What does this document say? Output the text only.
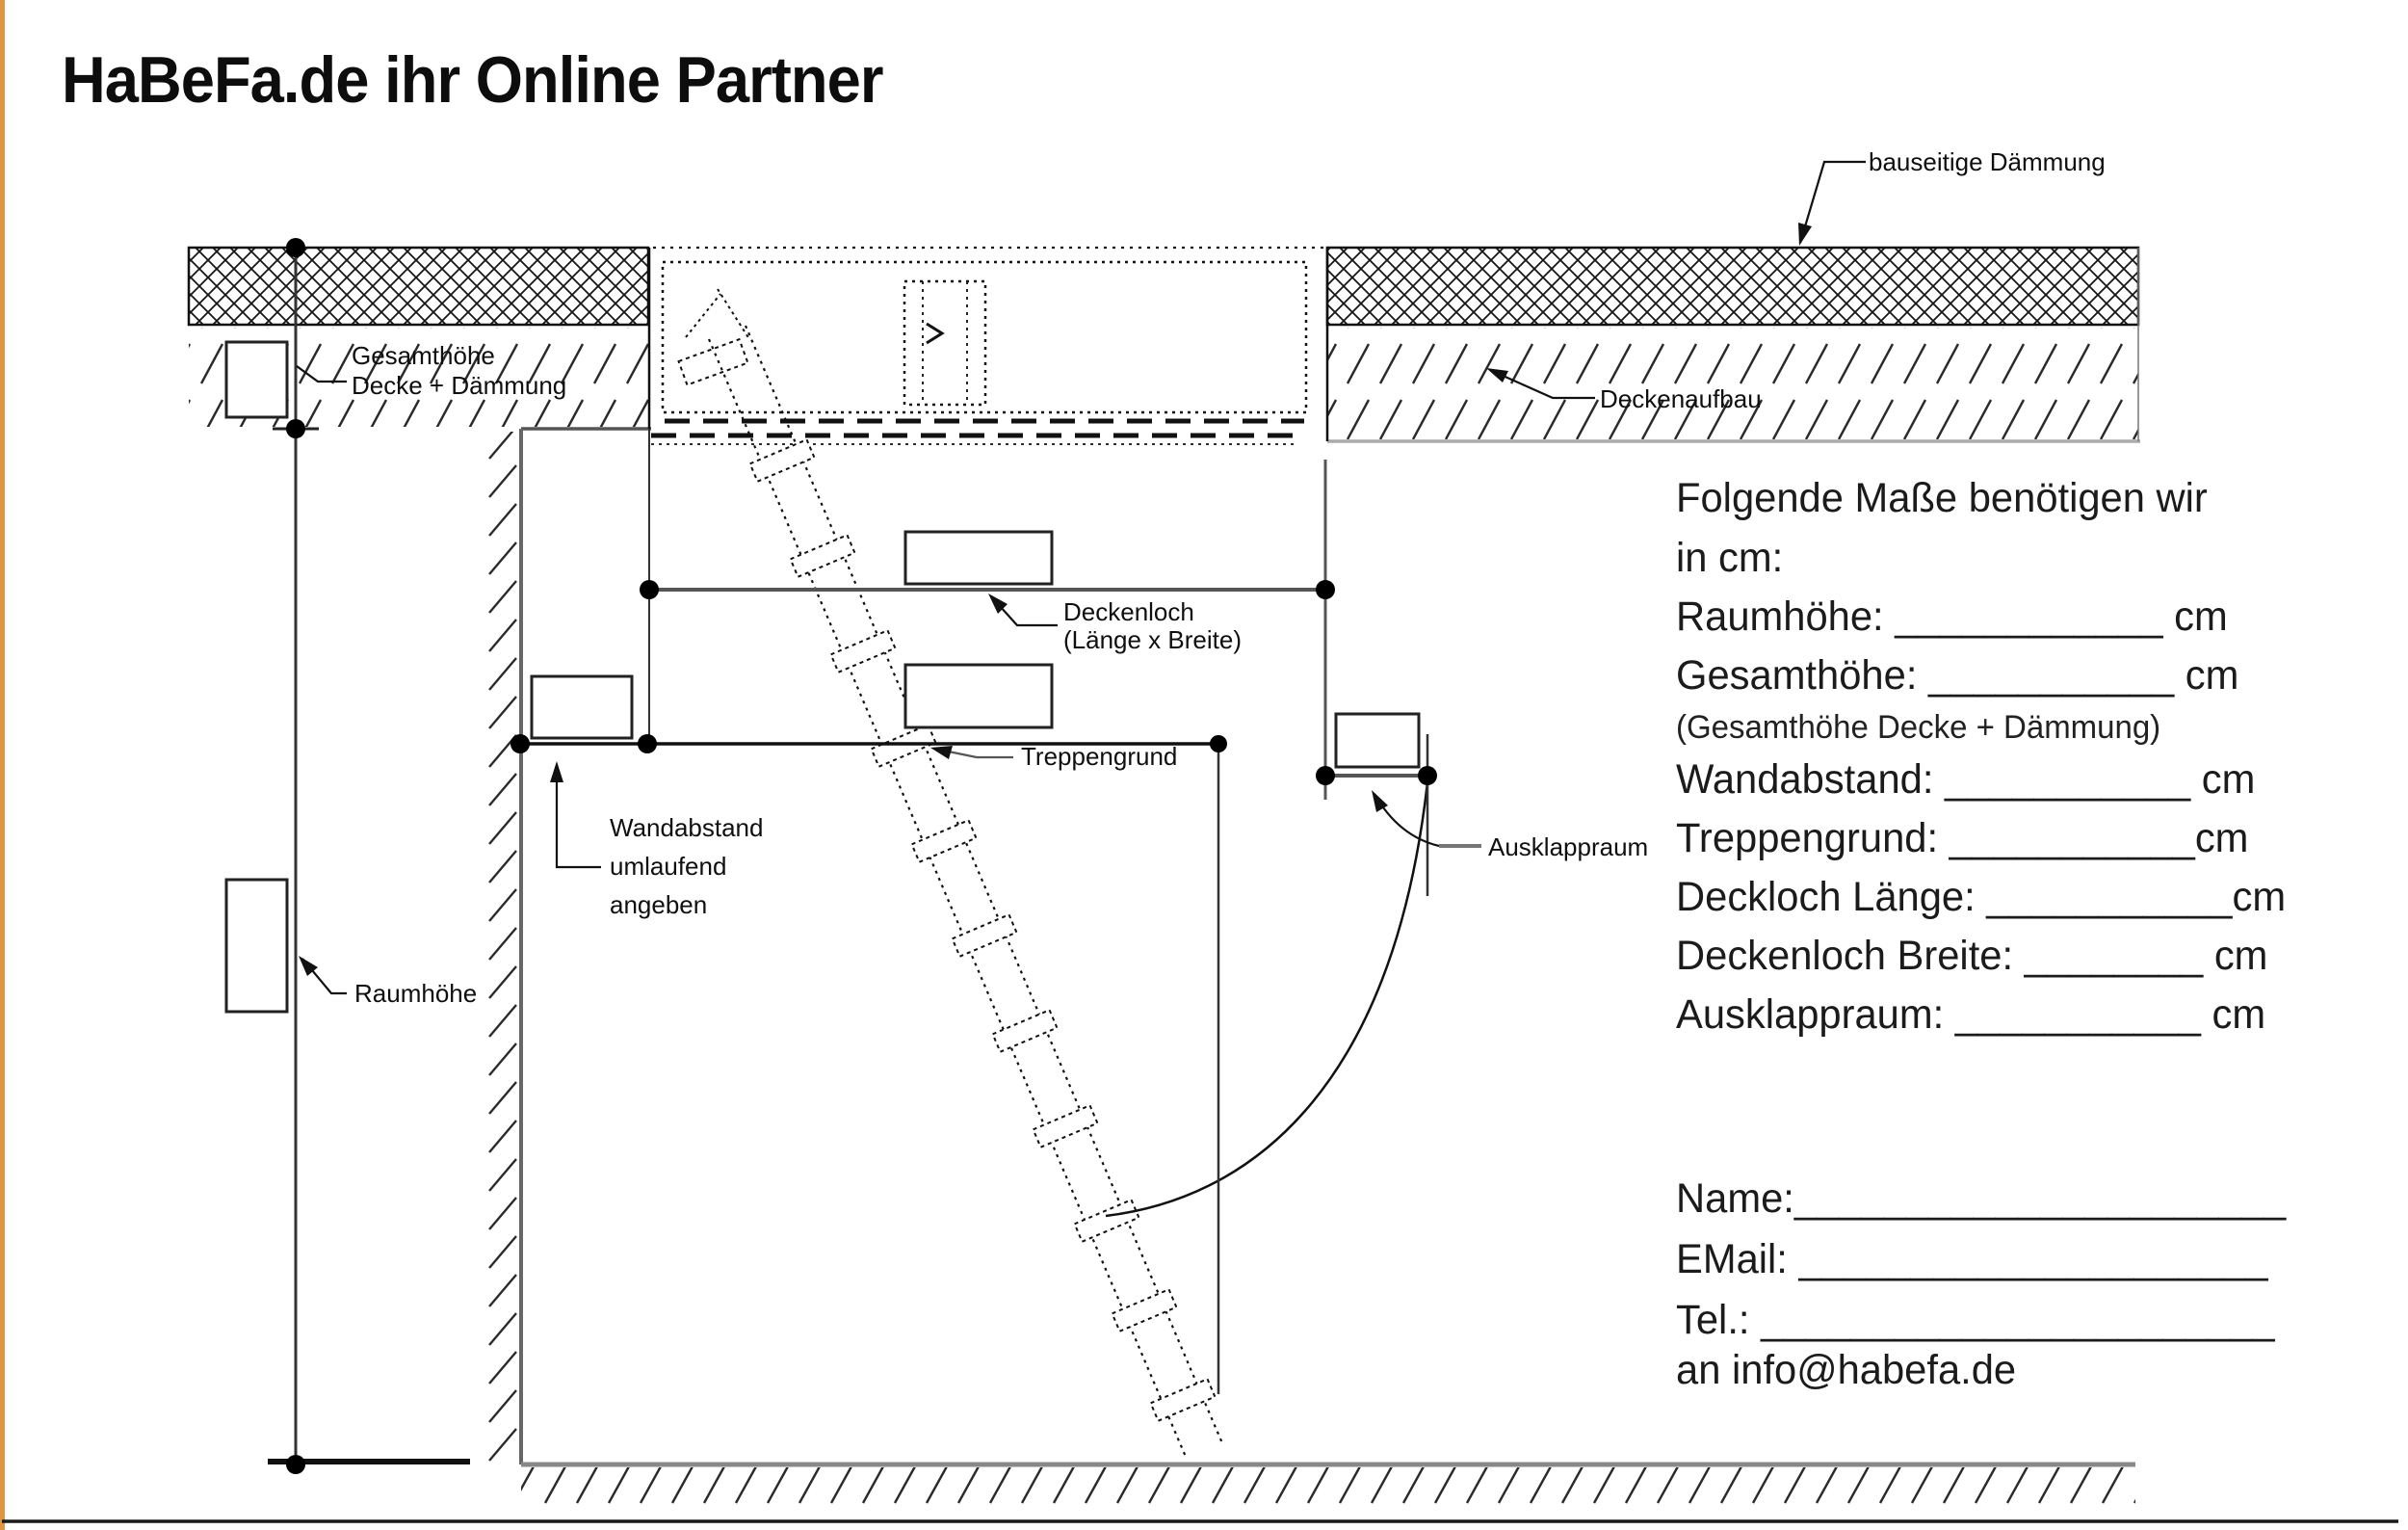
HaBeFa.de ihr Online Partner
Gesamthöhe
Decke + Dämmung
bauseitige Dämmung
Deckenaufbau
Deckenloch
(Länge x Breite)
Treppengrund
Wandabstand
umlaufend
angeben
Raumhöhe
Ausklappraum
Folgende Maße benötigen wir
in cm:
Raumhöhe: ____________ cm
Gesamthöhe: ___________ cm
(Gesamthöhe Decke + Dämmung)
Wandabstand: ___________ cm
Treppengrund: ___________cm
Deckloch Länge: ___________cm
Deckenloch Breite: ________ cm
Ausklappraum: ___________ cm
Name:______________________
EMail: _____________________
Tel.: _______________________
an info@habefa.de
